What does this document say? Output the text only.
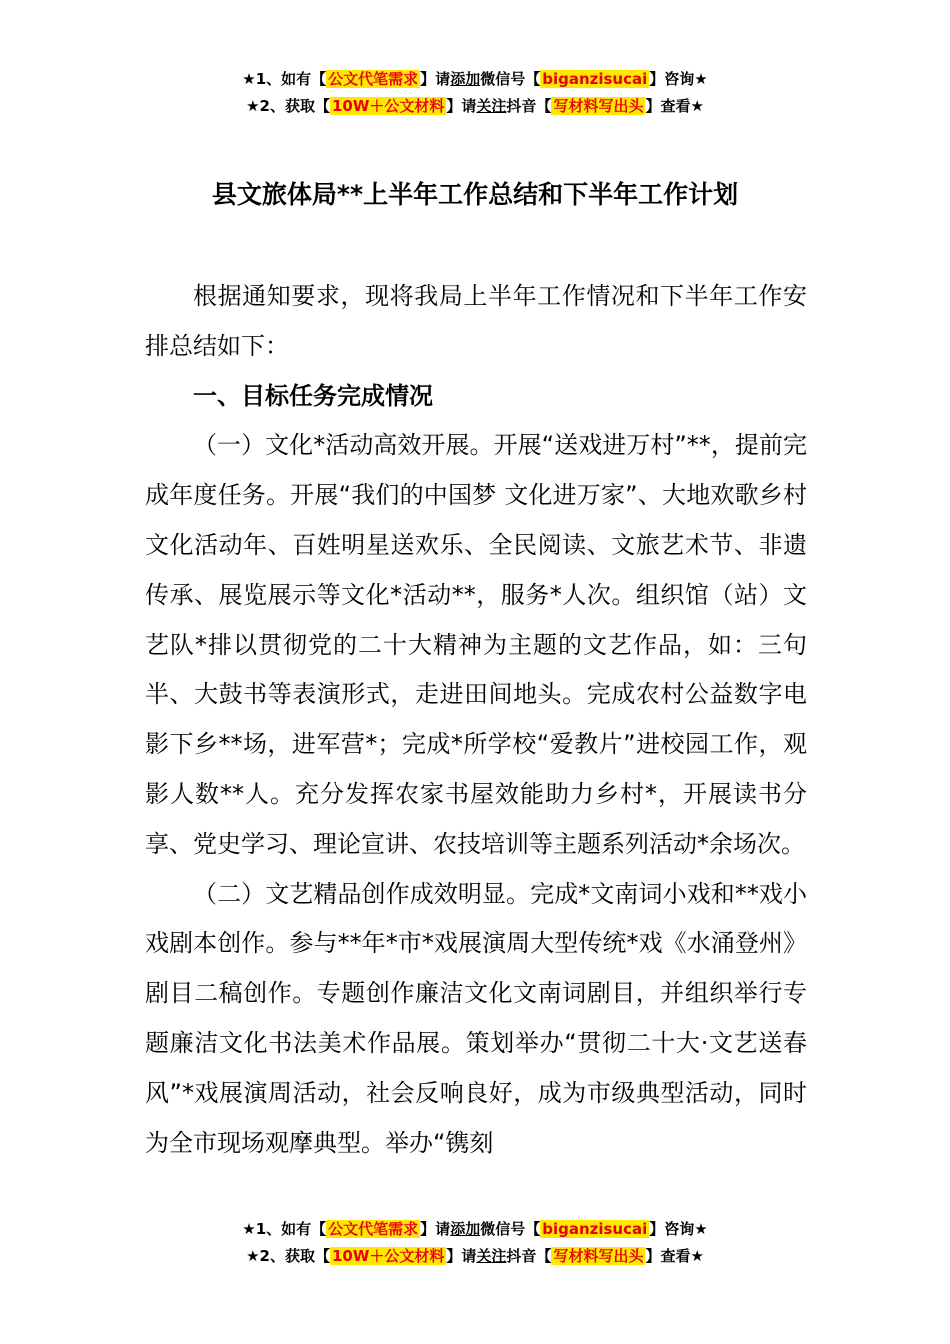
★1、如有【 公文代笔需求 】请添加微信号【 biganzisucai 】咨询★
★2、获取【 10W＋公文材料 】请关注抖音【 写材料写出头 】查看★
县文旅体局**上半年工作总结和下半年工作计划

根据通知要求，现将我局上半年工作情况和下半年工作安排总结如下：

一、目标任务完成情况

（一）文化*活动高效开展。开展“送戏进万村”**，提前完成年度任务。开展“我们的中国梦 文化进万家”、大地欢歌乡村文化活动年、百姓明星送欢乐、全民阅读、文旅艺术节、非遗传承、展览展示等文化*活动**，服务*人次。组织馆（站）文艺队*排以贯彻党的二十大精神为主题的文艺作品，如：三句半、大鼓书等表演形式，走进田间地头。完成农村公益数字电影下乡**场，进军营*；完成*所学校“爱教片”进校园工作，观影人数**人。充分发挥农家书屋效能助力乡村*，开展读书分享、党史学习、理论宣讲、农技培训等主题系列活动*余场次。

（二）文艺精品创作成效明显。完成*文南词小戏和**戏小戏剧本创作。参与**年*市*戏展演周大型传统*戏《水涌登州》剧目二稿创作。专题创作廉洁文化文南词剧目，并组织举行专题廉洁文化书法美术作品展。策划举办“贯彻二十大·文艺送春风”*戏展演周活动，社会反响良好，成为市级典型活动，同时为全市现场观摩典型。举办“镌刻

★1、如有【 公文代笔需求 】请添加微信号【 biganzisucai 】咨询★
★2、获取【 10W＋公文材料 】请关注抖音【 写材料写出头 】查看★
